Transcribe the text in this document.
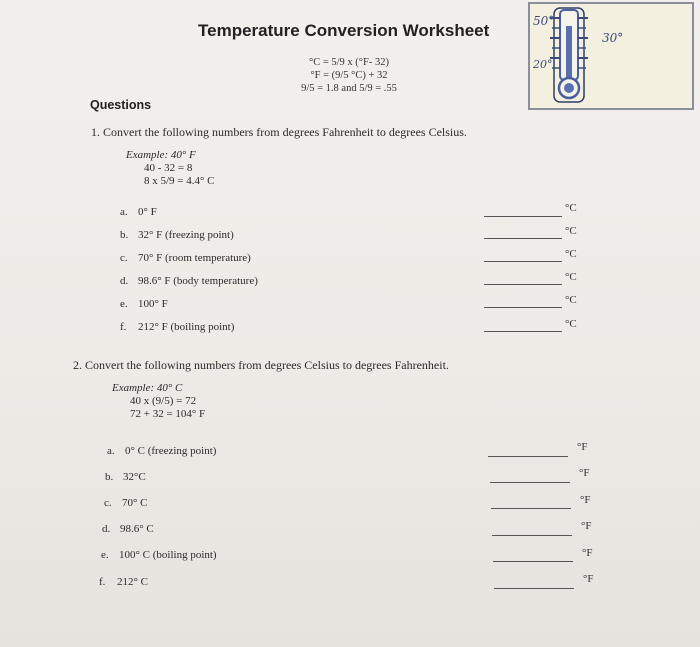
Temperature Conversion Worksheet
°C = 5/9 x (°F- 32)
°F = (9/5 °C) + 32
9/5 = 1.8 and 5/9 = .55
50°
20°
30°
Questions
1. Convert the following numbers from degrees Fahrenheit to degrees Celsius.
Example: 40° F
40 - 32 = 8
8 x 5/9 = 4.4° C
a. 0° F	°C
b. 32° F (freezing point)	°C
c. 70° F (room temperature)	°C
d. 98.6° F (body temperature)	°C
e. 100° F	°C
f. 212° F (boiling point)	°C
2. Convert the following numbers from degrees Celsius to degrees Fahrenheit.
Example: 40° C
40 x (9/5) = 72
72 + 32 = 104° F
a. 0° C (freezing point)	°F
b. 32°C	°F
c. 70° C	°F
d. 98.6° C	°F
e. 100° C (boiling point)	°F
f. 212° C	°F
